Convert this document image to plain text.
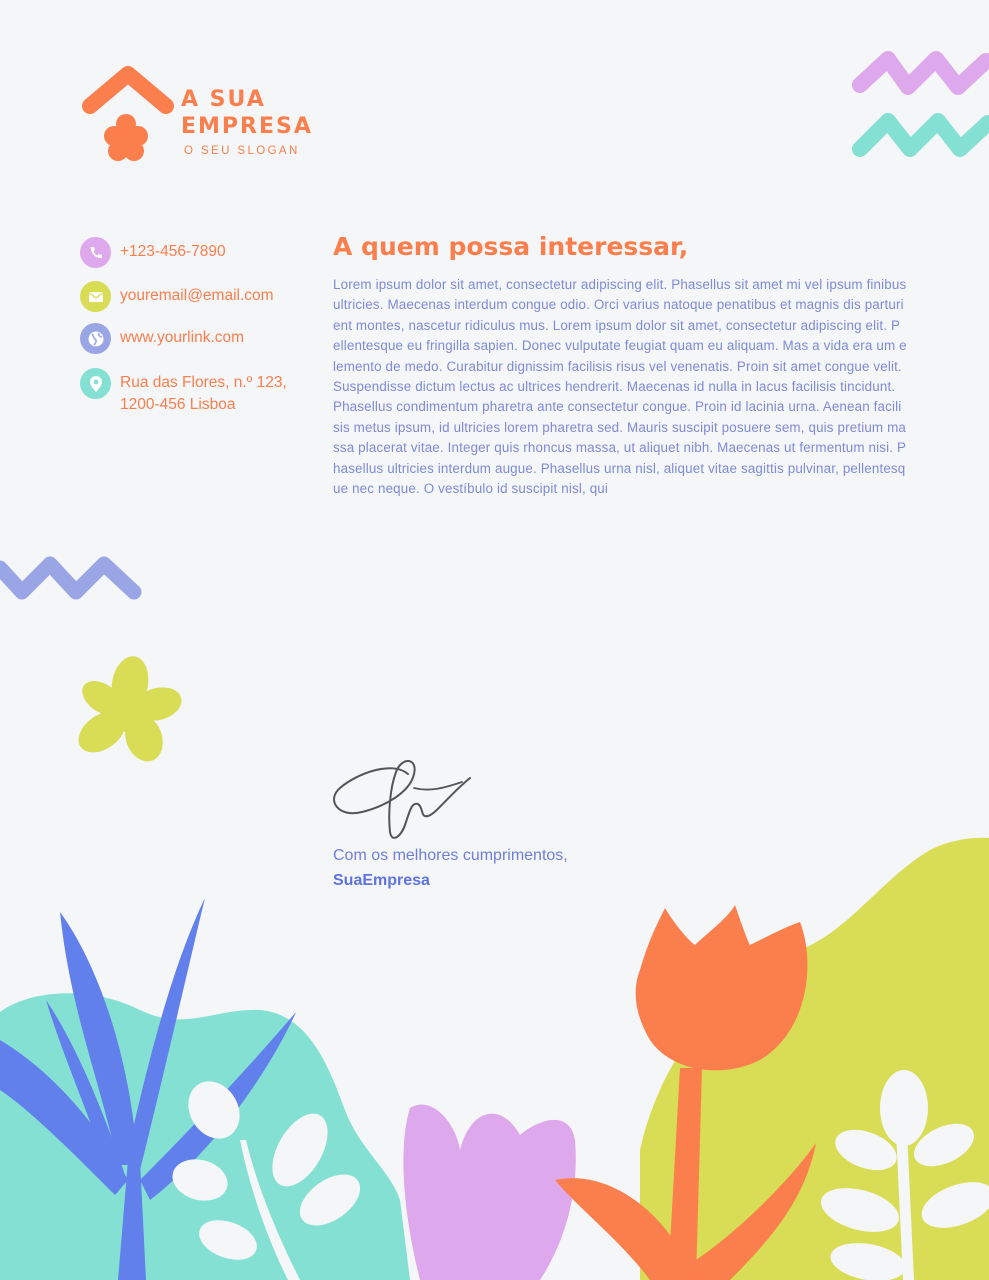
A SUA
EMPRESA
O SEU SLOGAN
+123-456-7890
youremail@email.com
www.yourlink.com
Rua das Flores, n.º 123,
1200-456 Lisboa
A quem possa interessar,
Lorem ipsum dolor sit amet, consectetur adipiscing elit. Phasellus sit amet mi vel ipsum finibus ultricies. Maecenas interdum congue odio. Orci varius natoque penatibus et magnis dis parturient montes, nascetur ridiculus mus. Lorem ipsum dolor sit amet, consectetur adipiscing elit. Pellentesque eu fringilla sapien. Donec vulputate feugiat quam eu aliquam. Mas a vida era um elemento de medo. Curabitur dignissim facilisis risus vel venenatis. Proin sit amet congue velit. Suspendisse dictum lectus ac ultrices hendrerit. Maecenas id nulla in lacus facilisis tincidunt. Phasellus condimentum pharetra ante consectetur congue. Proin id lacinia urna. Aenean facilisis metus ipsum, id ultricies lorem pharetra sed. Mauris suscipit posuere sem, quis pretium massa placerat vitae. Integer quis rhoncus massa, ut aliquet nibh. Maecenas ut fermentum nisi. Phasellus ultricies interdum augue. Phasellus urna nisl, aliquet vitae sagittis pulvinar, pellentesque nec neque. O vestíbulo id suscipit nisl, qui
Com os melhores cumprimentos,
SuaEmpresa
